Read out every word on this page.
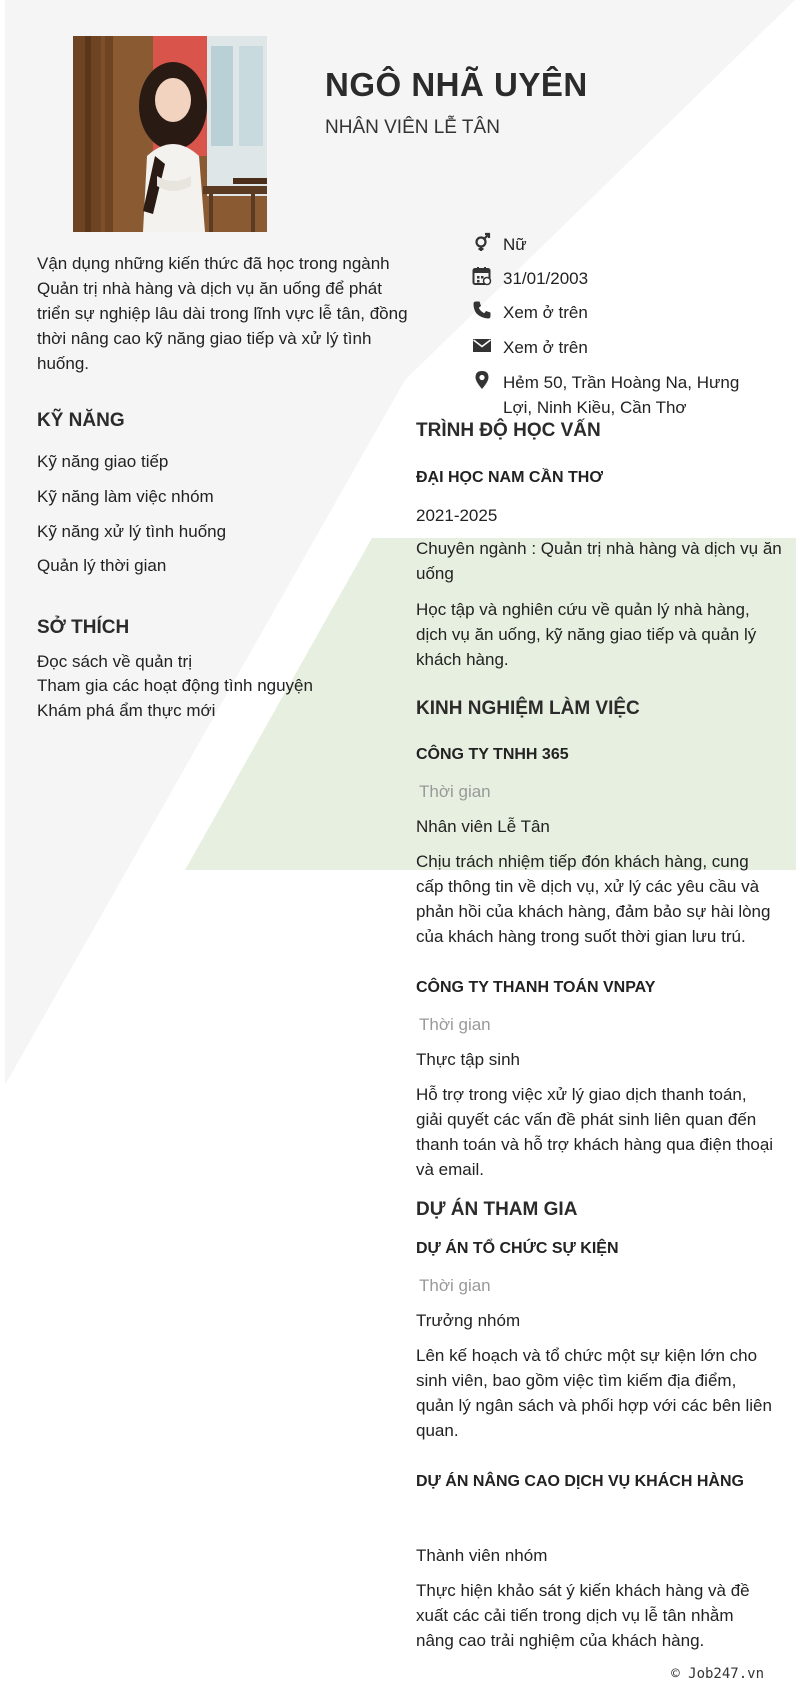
NGÔ NHÃ UYÊN
NHÂN VIÊN LỄ TÂN
Vận dụng những kiến thức đã học trong ngành Quản trị nhà hàng và dịch vụ ăn uống để phát triển sự nghiệp lâu dài trong lĩnh vực lễ tân, đồng thời nâng cao kỹ năng giao tiếp và xử lý tình huống.
Nữ
31/01/2003
Xem ở trên
Xem ở trên
Hẻm 50, Trần Hoàng Na, Hưng Lợi, Ninh Kiều, Cần Thơ
KỸ NĂNG
Kỹ năng giao tiếp
Kỹ năng làm việc nhóm
Kỹ năng xử lý tình huống
Quản lý thời gian
SỞ THÍCH
Đọc sách về quản trị
Tham gia các hoạt động tình nguyện
Khám phá ẩm thực mới
TRÌNH ĐỘ HỌC VẤN
ĐẠI HỌC NAM CẦN THƠ
2021-2025
Chuyên ngành : Quản trị nhà hàng và dịch vụ ăn uống
Học tập và nghiên cứu về quản lý nhà hàng, dịch vụ ăn uống, kỹ năng giao tiếp và quản lý khách hàng.
KINH NGHIỆM LÀM VIỆC
CÔNG TY TNHH 365
Thời gian
Nhân viên Lễ Tân
Chịu trách nhiệm tiếp đón khách hàng, cung cấp thông tin về dịch vụ, xử lý các yêu cầu và phản hồi của khách hàng, đảm bảo sự hài lòng của khách hàng trong suốt thời gian lưu trú.
CÔNG TY THANH TOÁN VNPAY
Thời gian
Thực tập sinh
Hỗ trợ trong việc xử lý giao dịch thanh toán, giải quyết các vấn đề phát sinh liên quan đến thanh toán và hỗ trợ khách hàng qua điện thoại và email.
DỰ ÁN THAM GIA
DỰ ÁN TỔ CHỨC SỰ KIỆN
Thời gian
Trưởng nhóm
Lên kế hoạch và tổ chức một sự kiện lớn cho sinh viên, bao gồm việc tìm kiếm địa điểm, quản lý ngân sách và phối hợp với các bên liên quan.
DỰ ÁN NÂNG CAO DỊCH VỤ KHÁCH HÀNG
Thành viên nhóm
Thực hiện khảo sát ý kiến khách hàng và đề xuất các cải tiến trong dịch vụ lễ tân nhằm nâng cao trải nghiệm của khách hàng.
© Job247.vn
